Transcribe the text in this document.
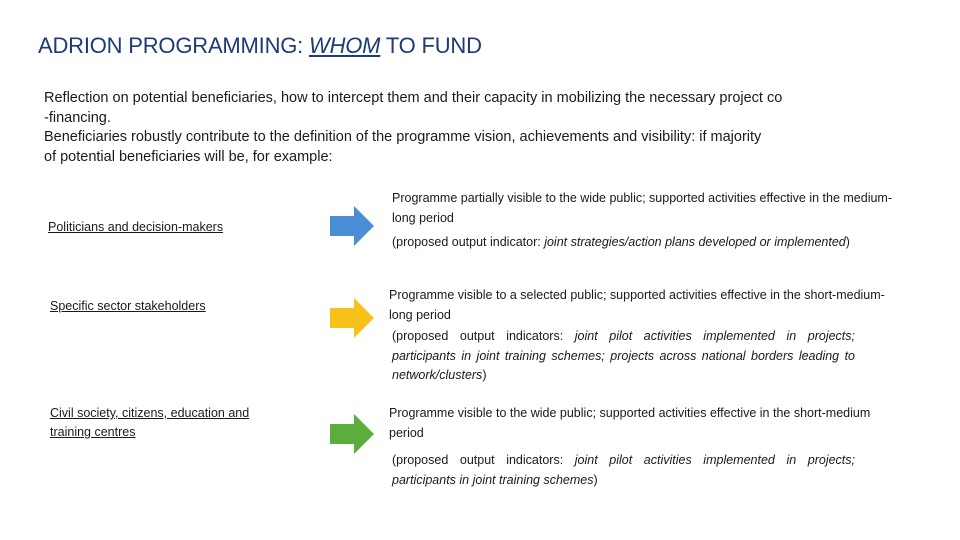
ADRION PROGRAMMING: WHOM TO FUND

Reflection on potential beneficiaries, how to intercept them and their capacity in mobilizing the necessary project co

-financing.

Beneficiaries robustly contribute to the definition of the programme vision, achievements and visibility: if majority

of potential beneficiaries will be, for example:

Politicians and decision-makers
Programme partially visible to the wide public; supported activities effective in the medium-long period
(proposed output indicator: joint strategies/action plans developed or implemented)
Specific sector stakeholders
Programme visible to a selected public; supported activities effective in the short-medium-long period
(proposed output indicators: joint pilot activities implemented in projects; participants in joint training schemes; projects across national borders leading to network/clusters)
Civil society, citizens, education and training centres
Programme visible to the wide public; supported activities effective in the short-medium period
(proposed output indicators: joint pilot activities implemented in projects; participants in joint training schemes)
